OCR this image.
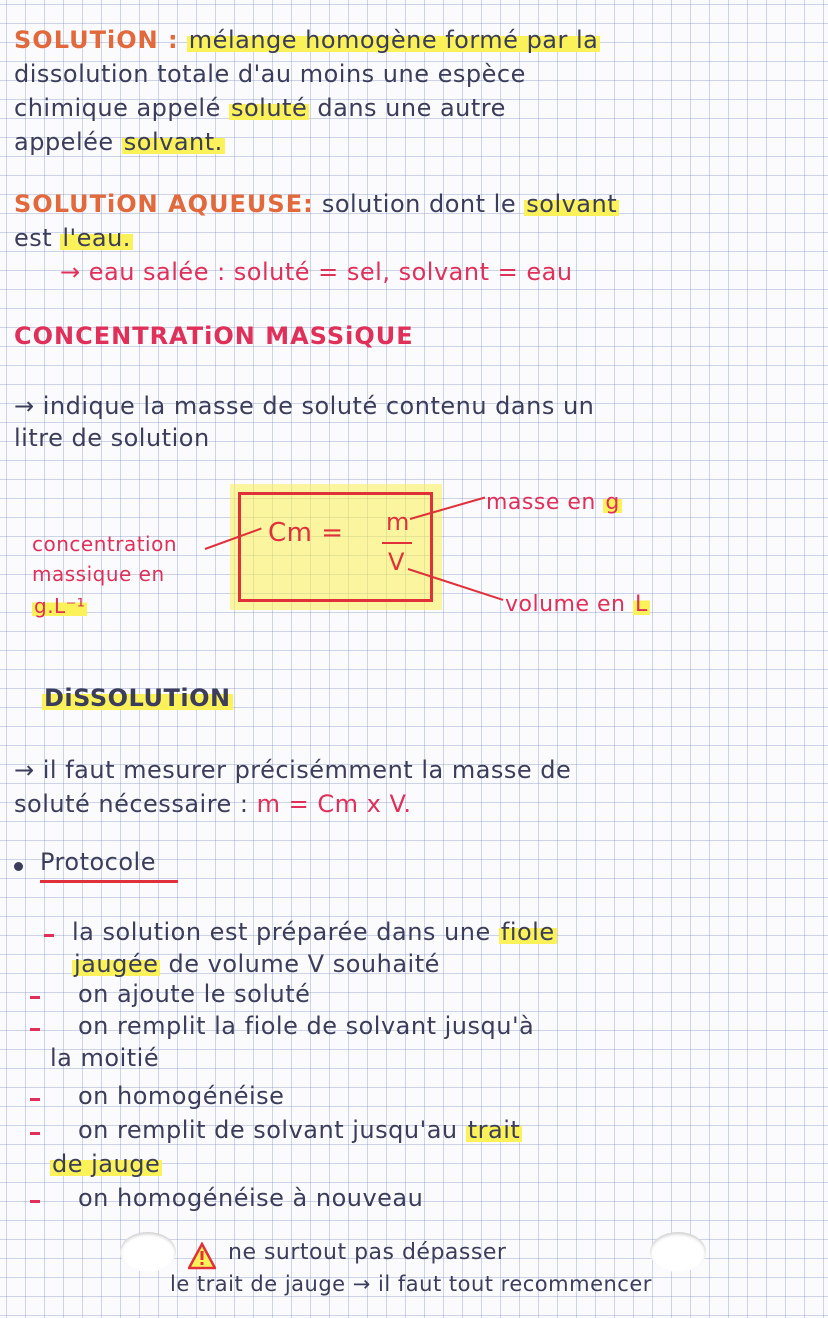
SOLUTiON : mélange homogène formé par la
dissolution totale d'au moins une espèce
chimique appelé soluté dans une autre
appelée solvant.
SOLUTiON AQUEUSE: solution dont le solvant
est l'eau.
→ eau salée : soluté = sel, solvant = eau
CONCENTRATiON MASSiQUE
→ indique la masse de soluté contenu dans un
litre de solution
Cm = m
V
concentration
massique en
g.L⁻¹
masse en g
volume en L
DiSSOLUTiON
→ il faut mesurer précisémment la masse de
soluté nécessaire : m = Cm x V.
Protocole
la solution est préparée dans une fiole
jaugée de volume V souhaité
on ajoute le soluté
on remplit la fiole de solvant jusqu'à
la moitié
on homogénéise
on remplit de solvant jusqu'au trait
de jauge
on homogénéise à nouveau
ne surtout pas dépasser
le trait de jauge → il faut tout recommencer
